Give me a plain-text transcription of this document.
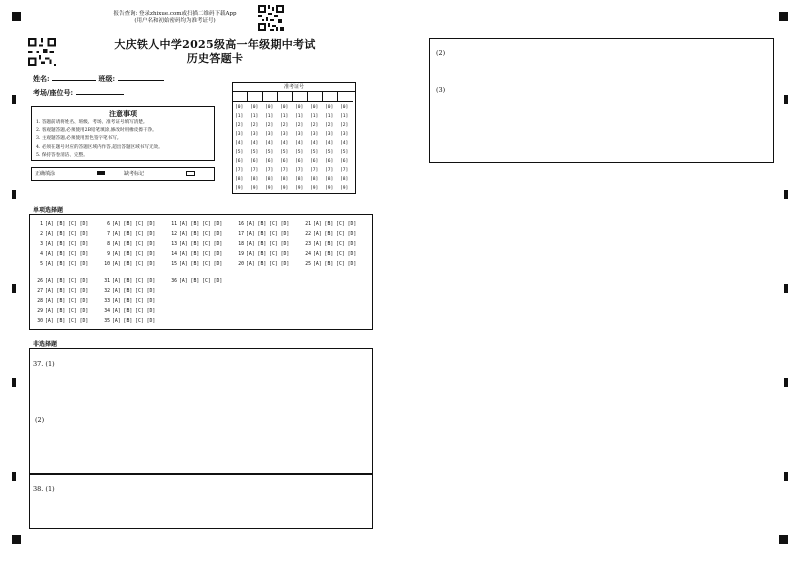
报告查询: 登录zhixue.com或扫描二维码下载App
(用户名和初始密码均为准考证号)
大庆铁人中学2025级高一年级期中考试
历史答题卡
姓名:	班级:
考场/座位号:
注意事项
1. 答题前请将姓名、班级、考场、准考证号填写清楚。
2. 客观题答题,必须使用2B铅笔填涂,修改时用橡皮擦干净。
3. 主观题答题,必须使用黑色签字笔书写。
4. 必须在题号对应的答题区域内作答,超出答题区域书写无效。
5. 保持答卷清洁、完整。
正确填涂	缺考标记
准考证号
[0]
[1]
[2]
[3]
[4]
[5]
[6]
[7]
[8]
[9]
[0]
[1]
[2]
[3]
[4]
[5]
[6]
[7]
[8]
[9]
[0]
[1]
[2]
[3]
[4]
[5]
[6]
[7]
[8]
[9]
[0]
[1]
[2]
[3]
[4]
[5]
[6]
[7]
[8]
[9]
[0]
[1]
[2]
[3]
[4]
[5]
[6]
[7]
[8]
[9]
[0]
[1]
[2]
[3]
[4]
[5]
[6]
[7]
[8]
[9]
[0]
[1]
[2]
[3]
[4]
[5]
[6]
[7]
[8]
[9]
[0]
[1]
[2]
[3]
[4]
[5]
[6]
[7]
[8]
[9]
单项选择题
1 [A] [B] [C] [D]
2 [A] [B] [C] [D]
3 [A] [B] [C] [D]
4 [A] [B] [C] [D]
5 [A] [B] [C] [D]
6 [A] [B] [C] [D]
7 [A] [B] [C] [D]
8 [A] [B] [C] [D]
9 [A] [B] [C] [D]
10 [A] [B] [C] [D]
11 [A] [B] [C] [D]
12 [A] [B] [C] [D]
13 [A] [B] [C] [D]
14 [A] [B] [C] [D]
15 [A] [B] [C] [D]
16 [A] [B] [C] [D]
17 [A] [B] [C] [D]
18 [A] [B] [C] [D]
19 [A] [B] [C] [D]
20 [A] [B] [C] [D]
21 [A] [B] [C] [D]
22 [A] [B] [C] [D]
23 [A] [B] [C] [D]
24 [A] [B] [C] [D]
25 [A] [B] [C] [D]
26 [A] [B] [C] [D]
27 [A] [B] [C] [D]
28 [A] [B] [C] [D]
29 [A] [B] [C] [D]
30 [A] [B] [C] [D]
31 [A] [B] [C] [D]
32 [A] [B] [C] [D]
33 [A] [B] [C] [D]
34 [A] [B] [C] [D]
35 [A] [B] [C] [D]
36 [A] [B] [C] [D]
非选择题
37. (1)
(2)
38. (1)
(2)
(3)
